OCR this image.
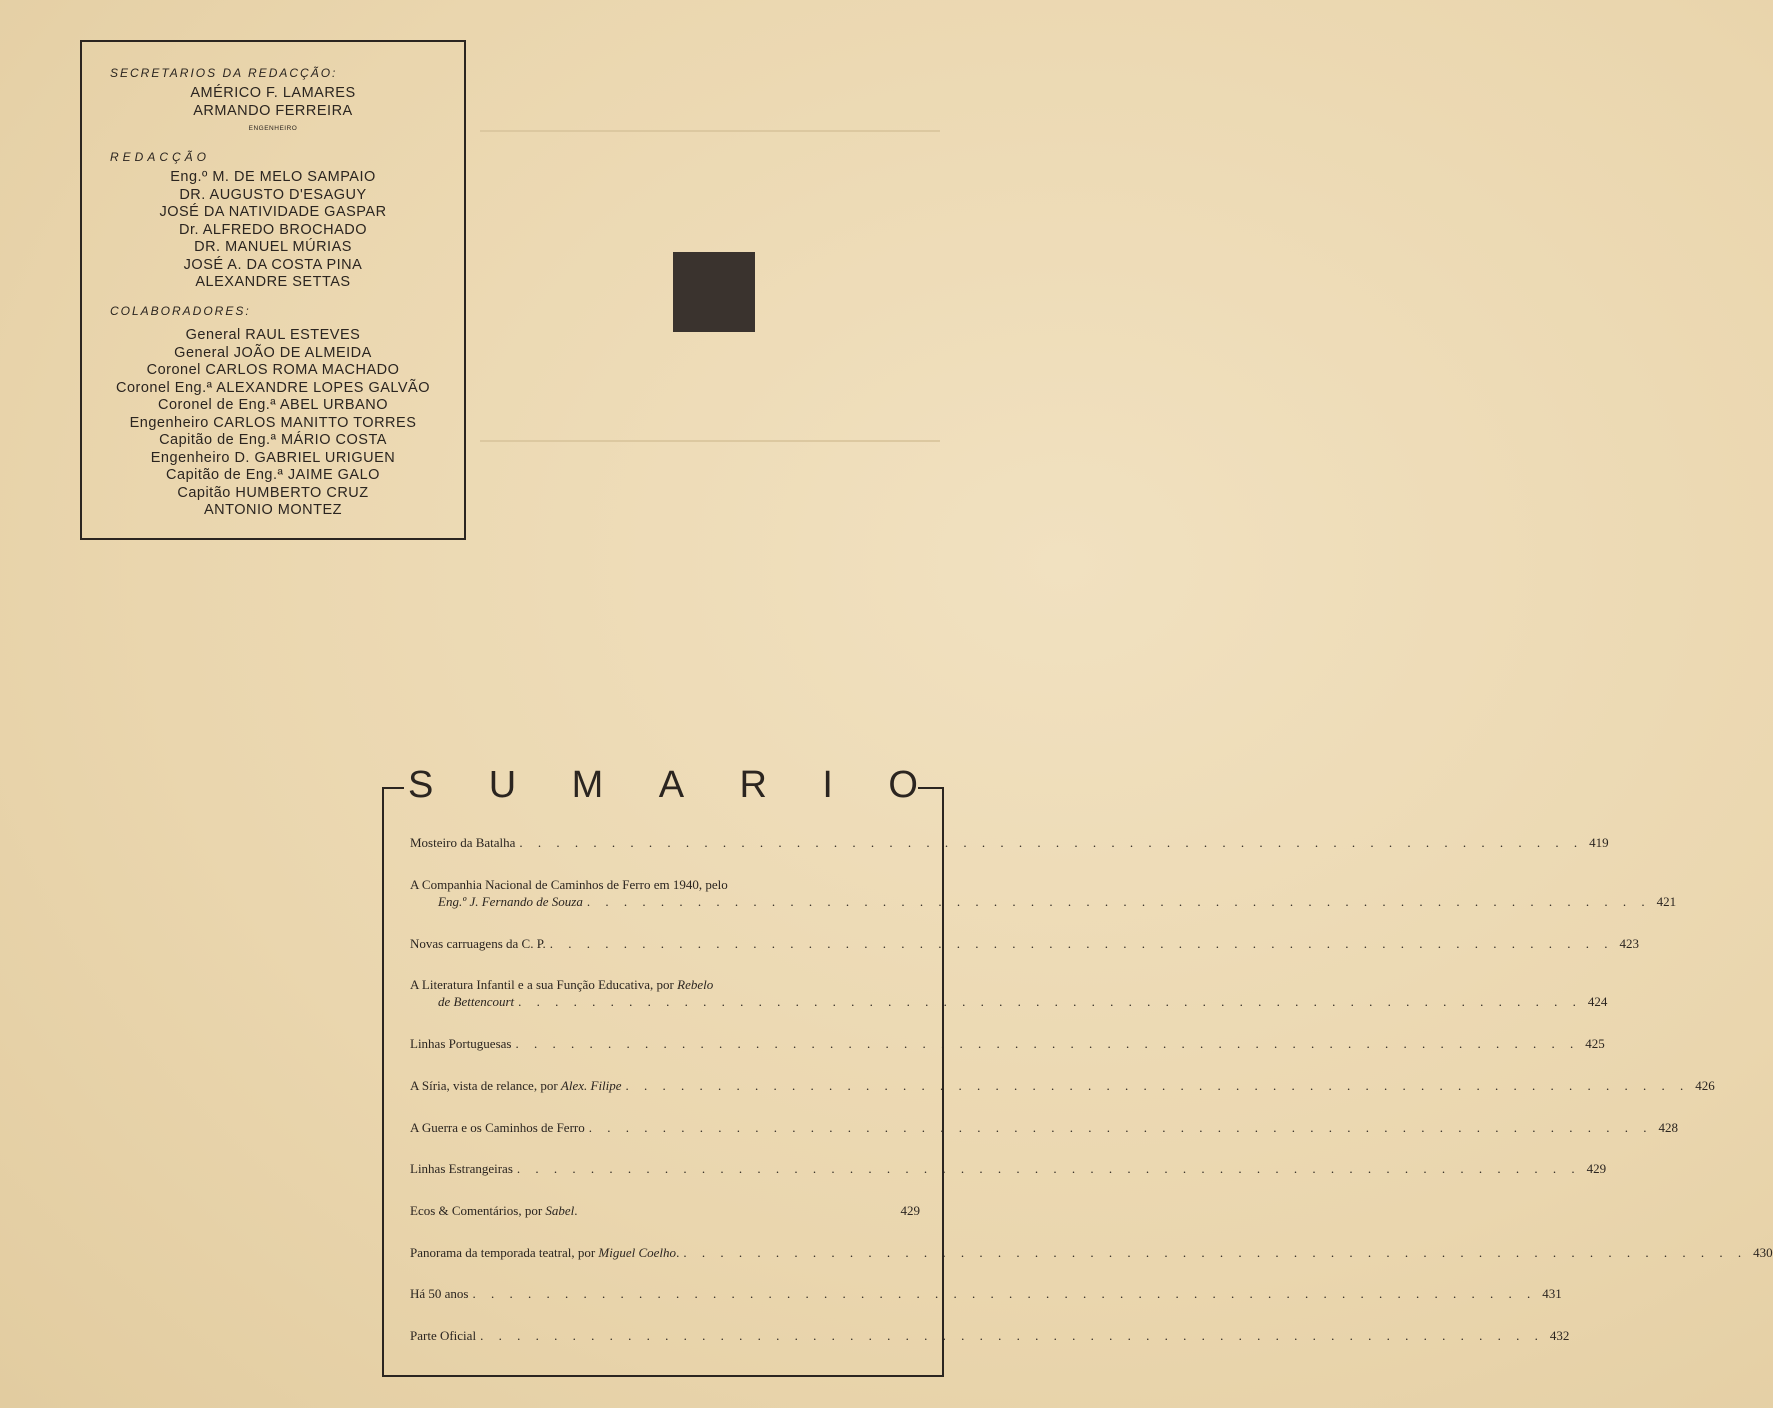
SECRETARIOS DA REDACÇÃO:
AMÉRICO F. LAMARES
ARMANDO FERREIRA
ENGENHEIRO
REDACÇÃO
Eng.º M. DE MELO SAMPAIO
DR. AUGUSTO D'ESAGUY
JOSÉ DA NATIVIDADE GASPAR
Dr. ALFREDO BROCHADO
DR. MANUEL MÚRIAS
JOSÉ A. DA COSTA PINA
ALEXANDRE SETTAS
COLABORADORES:
General RAUL ESTEVES
General JOÃO DE ALMEIDA
Coronel CARLOS ROMA MACHADO
Coronel Eng.ª ALEXANDRE LOPES GALVÃO
Coronel de Eng.ª ABEL URBANO
Engenheiro CARLOS MANITTO TORRES
Capitão de Eng.ª MÁRIO COSTA
Engenheiro D. GABRIEL URIGUEN
Capitão de Eng.ª JAIME GALO
Capitão HUMBERTO CRUZ
ANTONIO MONTEZ
S U M A R I O
Mosteiro da Batalha . . . . . . . . . . . . . . . . . . . . . . . . . . . . . . . . . . . . . . . . . . . . . . . . . . . . . . . . . . 419
A Companhia Nacional de Caminhos de Ferro em 1940, pelo
Eng.º J. Fernando de Souza . . . . . . . . . . . . . . . . . . . . . . . . . . . . . . . . . . . . . . . . . . . . . . . . . . . . . . . . . . 421
Novas carruagens da C. P. . . . . . . . . . . . . . . . . . . . . . . . . . . . . . . . . . . . . . . . . . . . . . . . . . . . . . . . . . . 423
A Literatura Infantil e a sua Função Educativa, por Rebelo
de Bettencourt . . . . . . . . . . . . . . . . . . . . . . . . . . . . . . . . . . . . . . . . . . . . . . . . . . . . . . . . . . 424
Linhas Portuguesas . . . . . . . . . . . . . . . . . . . . . . . . . . . . . . . . . . . . . . . . . . . . . . . . . . . . . . . . . . 425
A Síria, vista de relance, por Alex. Filipe . . . . . . . . . . . . . . . . . . . . . . . . . . . . . . . . . . . . . . . . . . . . . . . . . . . . . . . . . . 426
A Guerra e os Caminhos de Ferro . . . . . . . . . . . . . . . . . . . . . . . . . . . . . . . . . . . . . . . . . . . . . . . . . . . . . . . . . . 428
Linhas Estrangeiras . . . . . . . . . . . . . . . . . . . . . . . . . . . . . . . . . . . . . . . . . . . . . . . . . . . . . . . . . . 429
Ecos & Comentários, por Sabel.	429
Panorama da temporada teatral, por Miguel Coelho. . . . . . . . . . . . . . . . . . . . . . . . . . . . . . . . . . . . . . . . . . . . . . . . . . . . . . . . . . . 430
Há 50 anos . . . . . . . . . . . . . . . . . . . . . . . . . . . . . . . . . . . . . . . . . . . . . . . . . . . . . . . . . . 431
Parte Oficial . . . . . . . . . . . . . . . . . . . . . . . . . . . . . . . . . . . . . . . . . . . . . . . . . . . . . . . . . . 432
